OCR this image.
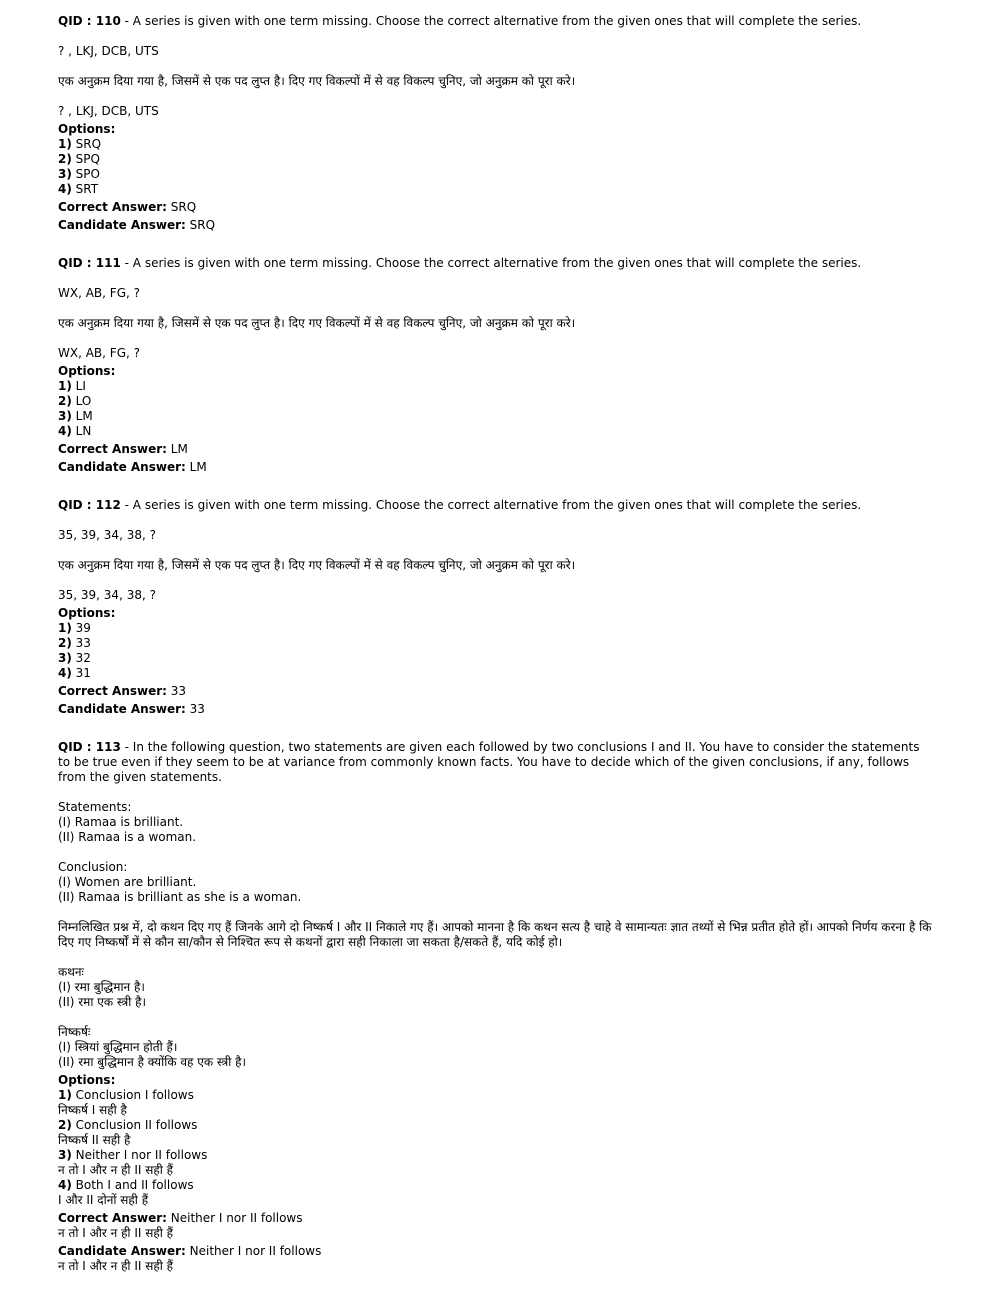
QID : 110 - A series is given with one term missing. Choose the correct alternative from the given ones that will complete the series.

? , LKJ, DCB, UTS

एक अनुक्रम दिया गया है, जिसमें से एक पद लुप्त है। दिए गए विकल्पों में से वह विकल्प चुनिए, जो अनुक्रम को पूरा करे।

? , LKJ, DCB, UTS

Options:

1) SRQ

2) SPQ

3) SPO

4) SRT

Correct Answer: SRQ

Candidate Answer: SRQ

QID : 111 - A series is given with one term missing. Choose the correct alternative from the given ones that will complete the series.

WX, AB, FG, ?

एक अनुक्रम दिया गया है, जिसमें से एक पद लुप्त है। दिए गए विकल्पों में से वह विकल्प चुनिए, जो अनुक्रम को पूरा करे।

WX, AB, FG, ?

Options:

1) LI

2) LO

3) LM

4) LN

Correct Answer: LM

Candidate Answer: LM

QID : 112 - A series is given with one term missing. Choose the correct alternative from the given ones that will complete the series.

35, 39, 34, 38, ?

एक अनुक्रम दिया गया है, जिसमें से एक पद लुप्त है। दिए गए विकल्पों में से वह विकल्प चुनिए, जो अनुक्रम को पूरा करे।

35, 39, 34, 38, ?

Options:

1) 39

2) 33

3) 32

4) 31

Correct Answer: 33

Candidate Answer: 33

QID : 113 - In the following question, two statements are given each followed by two conclusions I and II. You have to consider the statements to be true even if they seem to be at variance from commonly known facts. You have to decide which of the given conclusions, if any, follows from the given statements.

Statements:

(I) Ramaa is brilliant.

(II) Ramaa is a woman.

Conclusion:

(I) Women are brilliant.

(II) Ramaa is brilliant as she is a woman.

निम्नलिखित प्रश्न में, दो कथन दिए गए हैं जिनके आगे दो निष्कर्ष I और II निकाले गए हैं। आपको मानना है कि कथन सत्य है चाहे वे सामान्यतः ज्ञात तथ्यों से भिन्न प्रतीत होते हों। आपको निर्णय करना है कि दिए गए निष्कर्षों में से कौन सा/कौन से निश्चित रूप से कथनों द्वारा सही निकाला जा सकता है/सकते हैं, यदि कोई हो।

कथनः

(I) रमा बुद्धिमान है।

(II) रमा एक स्त्री है।

निष्कर्षः

(I) स्त्रियां बुद्धिमान होती हैं।

(II) रमा बुद्धिमान है क्योंकि वह एक स्त्री है।

Options:

1) Conclusion I follows

निष्कर्ष I सही है

2) Conclusion II follows

निष्कर्ष II सही है

3) Neither I nor II follows

न तो I और न ही II सही हैं

4) Both I and II follows

I और II दोनों सही हैं

Correct Answer: Neither I nor II follows

न तो I और न ही II सही हैं

Candidate Answer: Neither I nor II follows

न तो I और न ही II सही हैं
